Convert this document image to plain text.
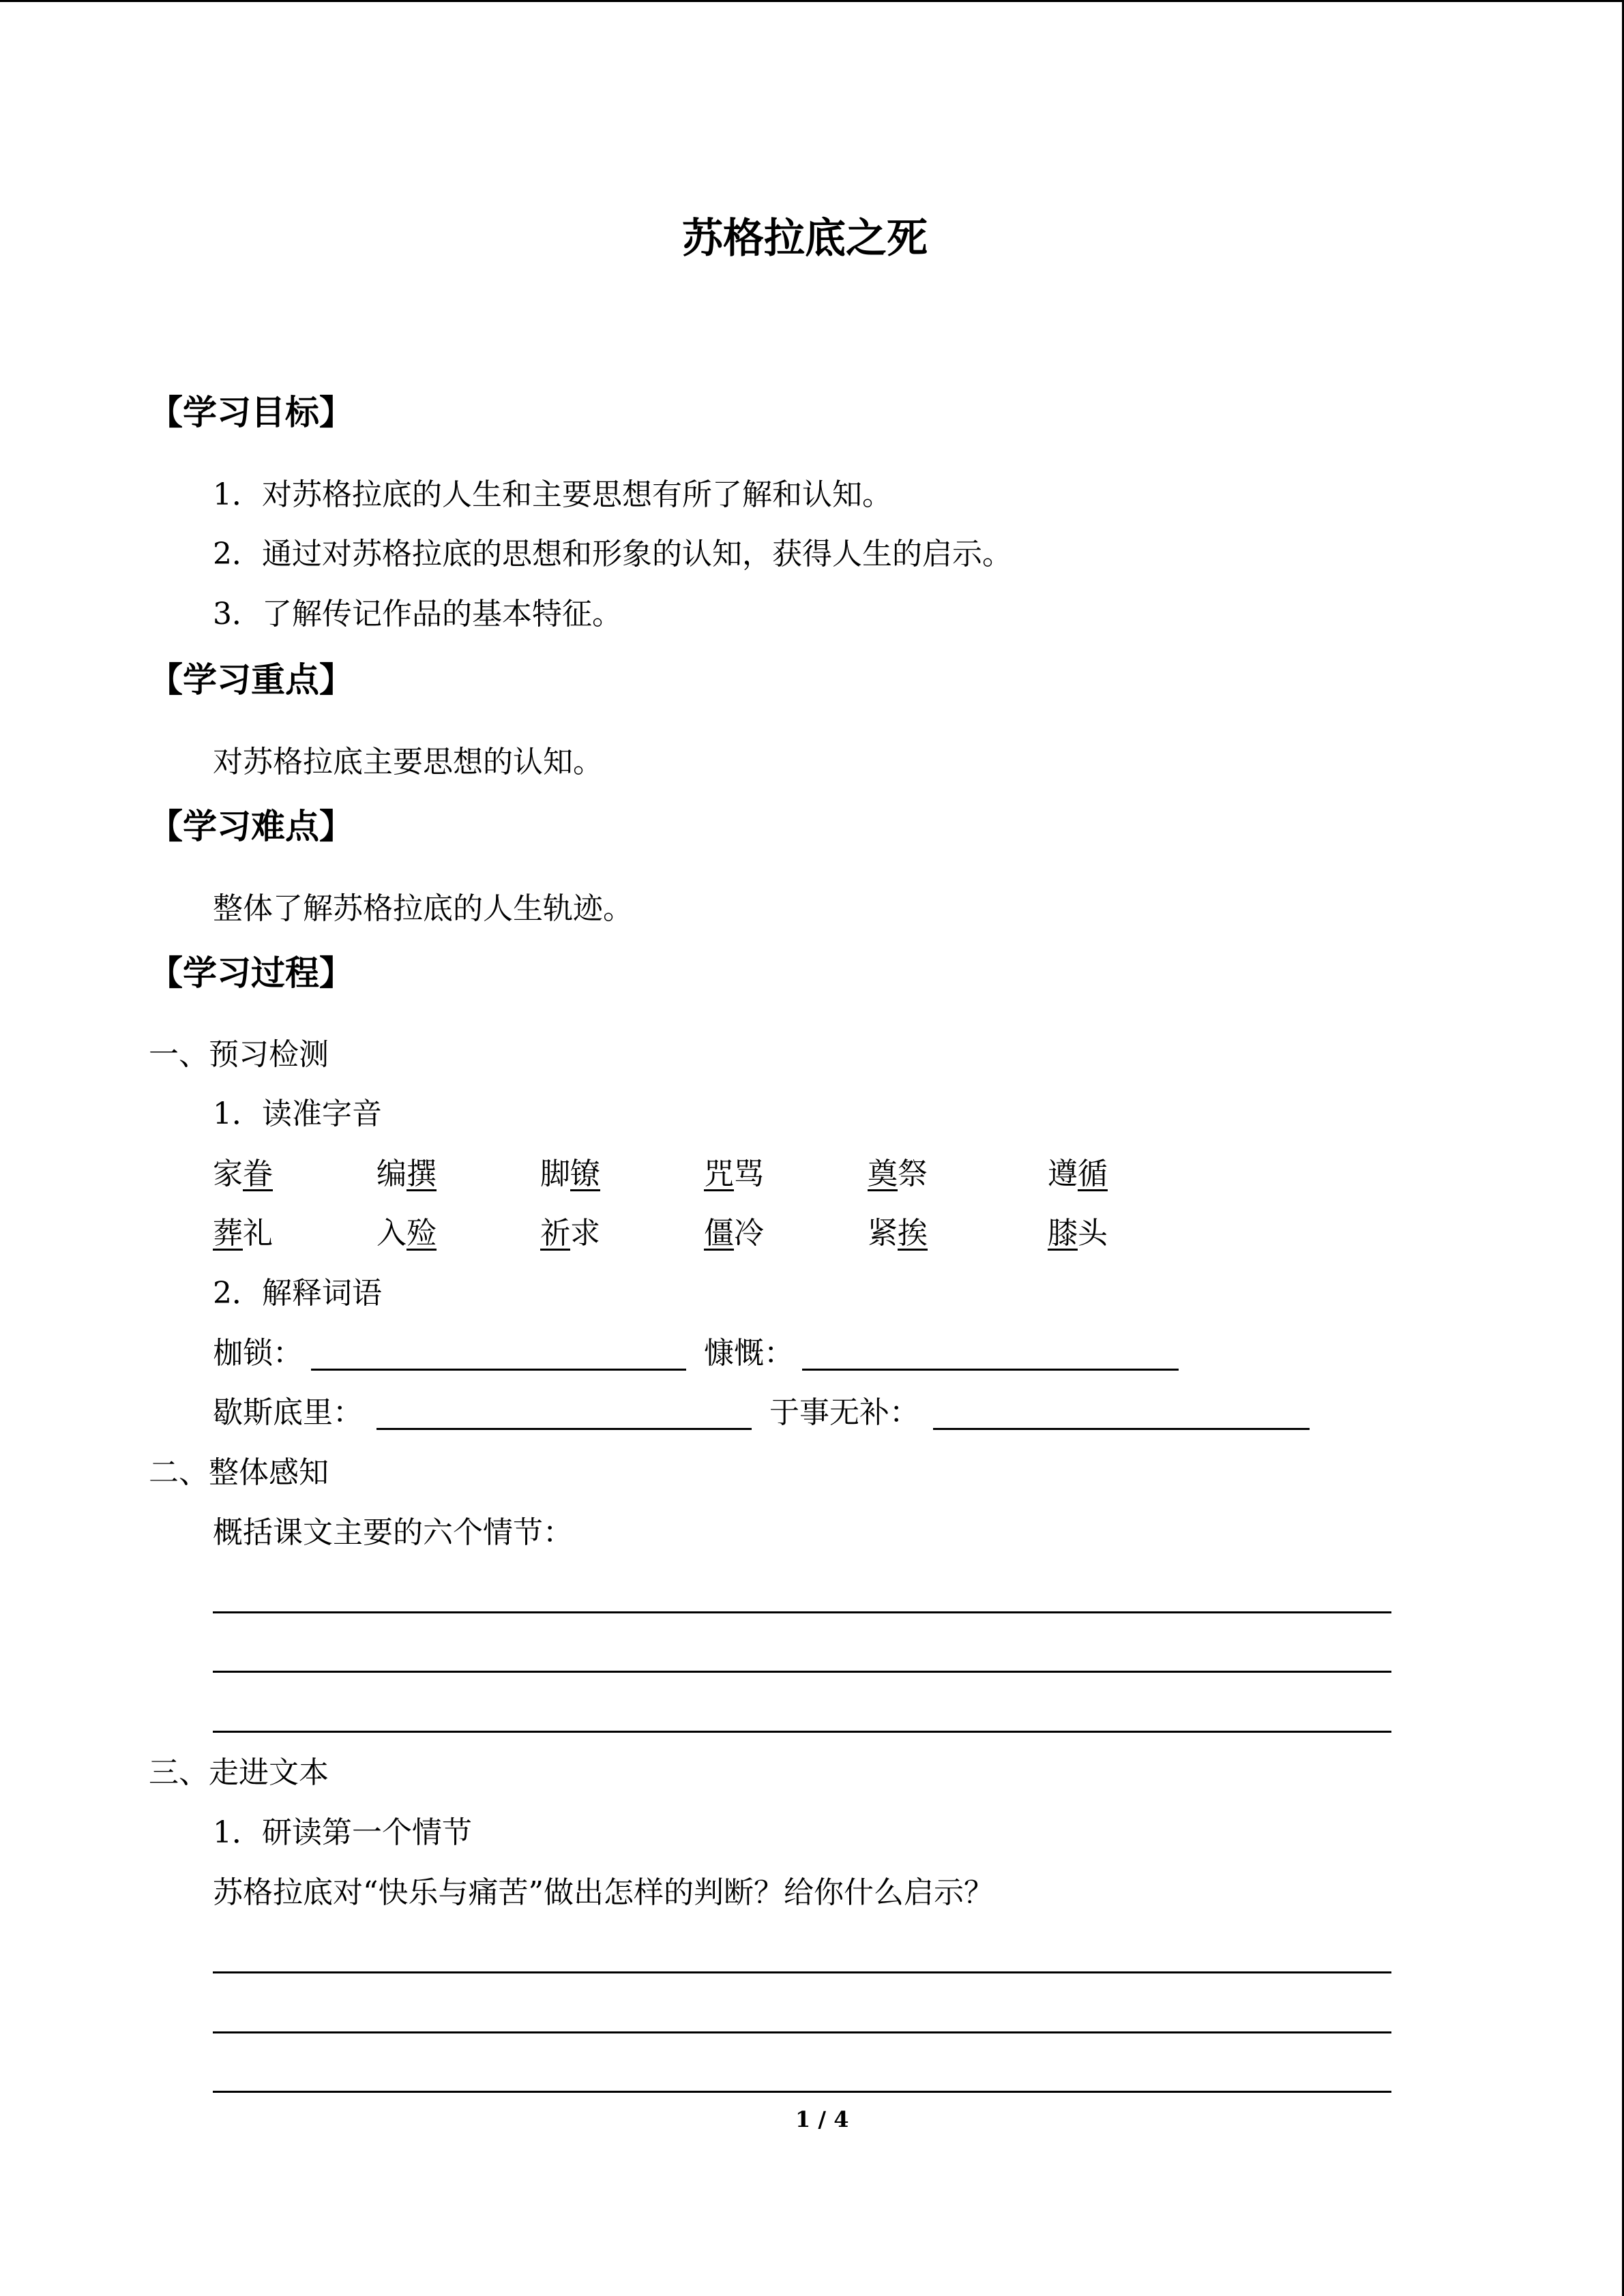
苏格拉底之死
【学习目标】
1．对苏格拉底的人生和主要思想有所了解和认知。
2．通过对苏格拉底的思想和形象的认知，获得人生的启示。
3．了解传记作品的基本特征。
【学习重点】
对苏格拉底主要思想的认知。
【学习难点】
整体了解苏格拉底的人生轨迹。
【学习过程】
一、预习检测
1．读准字音
家眷	编撰	脚镣	咒骂	奠祭	遵循
葬礼	入殓	祈求	僵冷	紧挨	膝头
2．解释词语
枷锁：	慷慨：
歇斯底里：	于事无补：
二、整体感知
概括课文主要的六个情节：
三、走进文本
1．研读第一个情节
苏格拉底对“快乐与痛苦”做出怎样的判断？给你什么启示？
1 / 4
